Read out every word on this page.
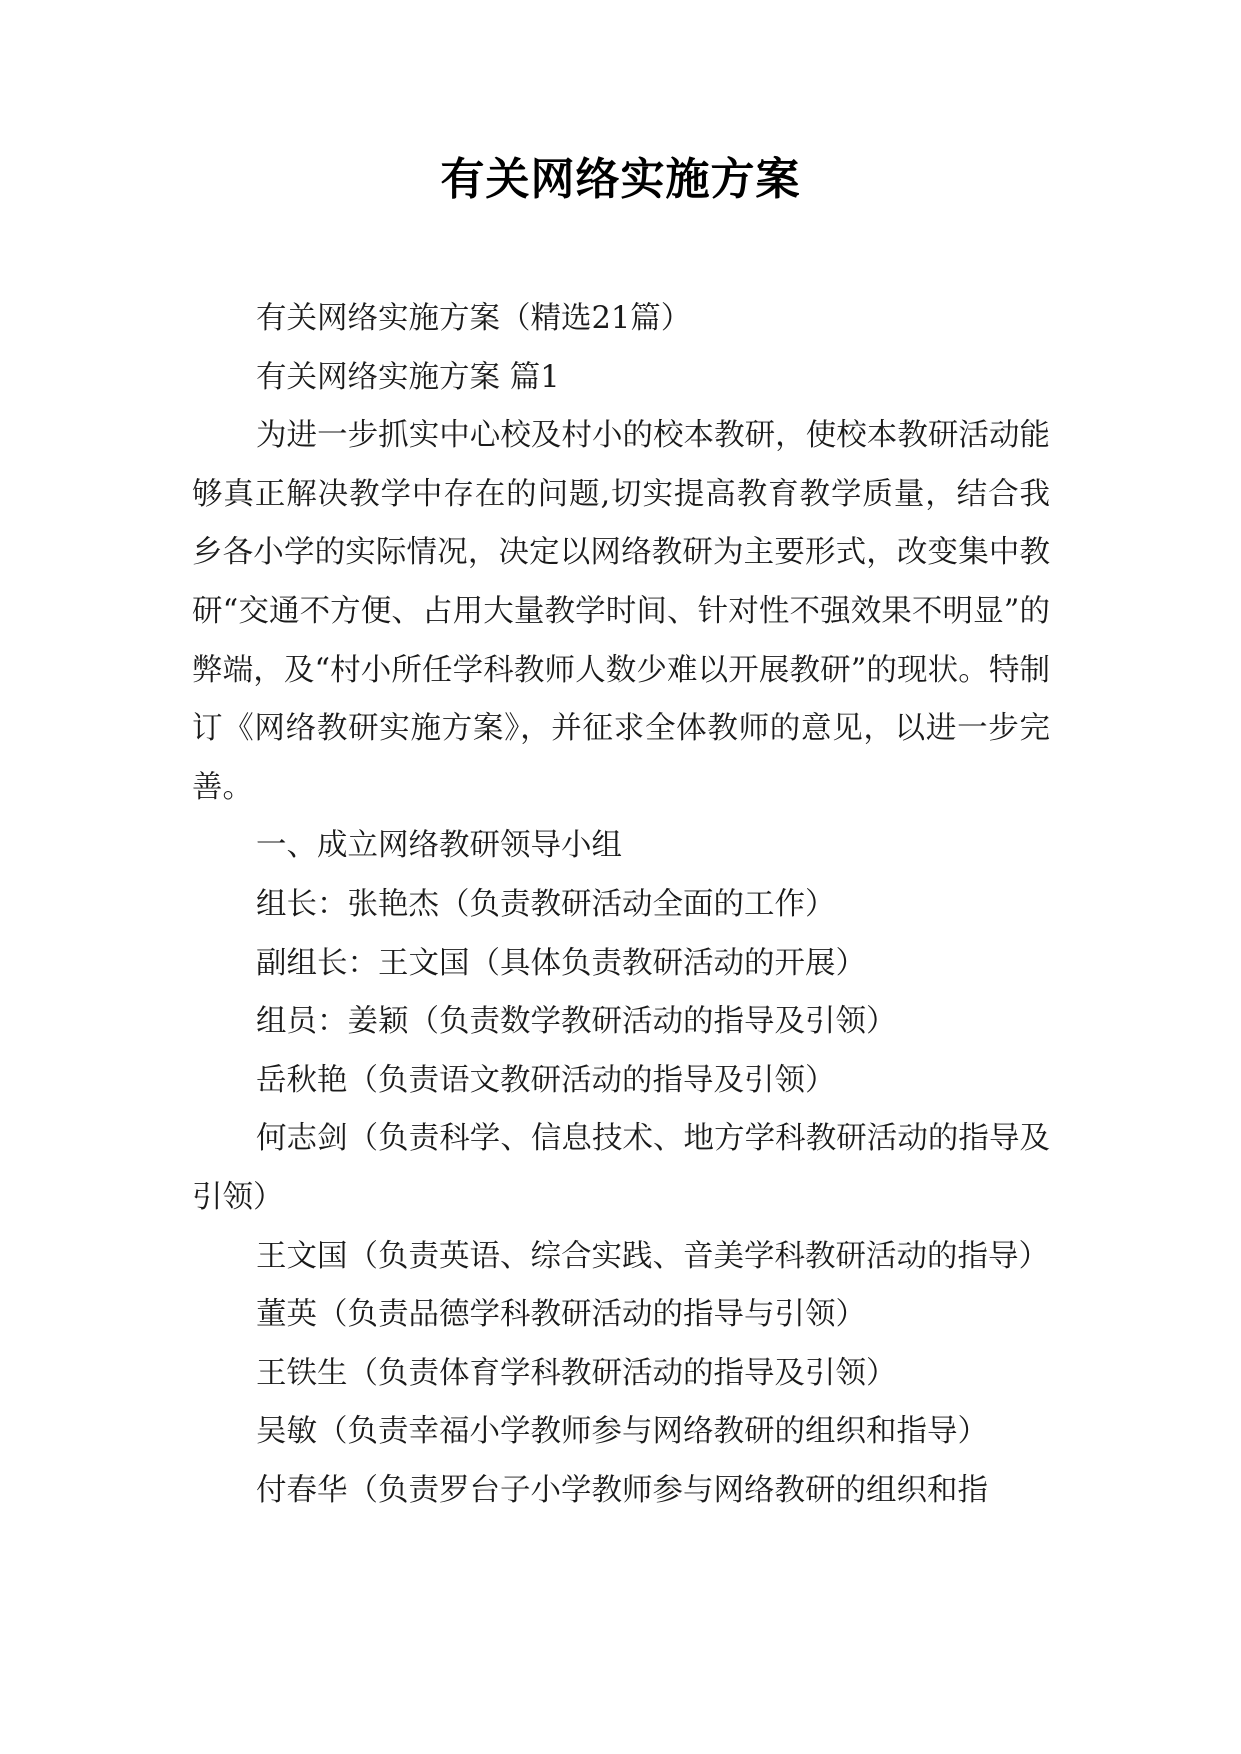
有关网络实施方案

有关网络实施方案（精选21篇）

有关网络实施方案 篇1

为进一步抓实中心校及村小的校本教研，使校本教研活动能够真正解决教学中存在的问题,切实提高教育教学质量，结合我乡各小学的实际情况，决定以网络教研为主要形式，改变集中教研“交通不方便、占用大量教学时间、针对性不强效果不明显”的弊端，及“村小所任学科教师人数少难以开展教研”的现状。特制订《网络教研实施方案》，并征求全体教师的意见，以进一步完善。

一、成立网络教研领导小组

组长：张艳杰（负责教研活动全面的工作）

副组长：王文国（具体负责教研活动的开展）

组员：姜颖（负责数学教研活动的指导及引领）

岳秋艳（负责语文教研活动的指导及引领）

何志剑（负责科学、信息技术、地方学科教研活动的指导及引领）

王文国（负责英语、综合实践、音美学科教研活动的指导）

董英（负责品德学科教研活动的指导与引领）

王铁生（负责体育学科教研活动的指导及引领）

吴敏（负责幸福小学教师参与网络教研的组织和指导）

付春华（负责罗台子小学教师参与网络教研的组织和指
